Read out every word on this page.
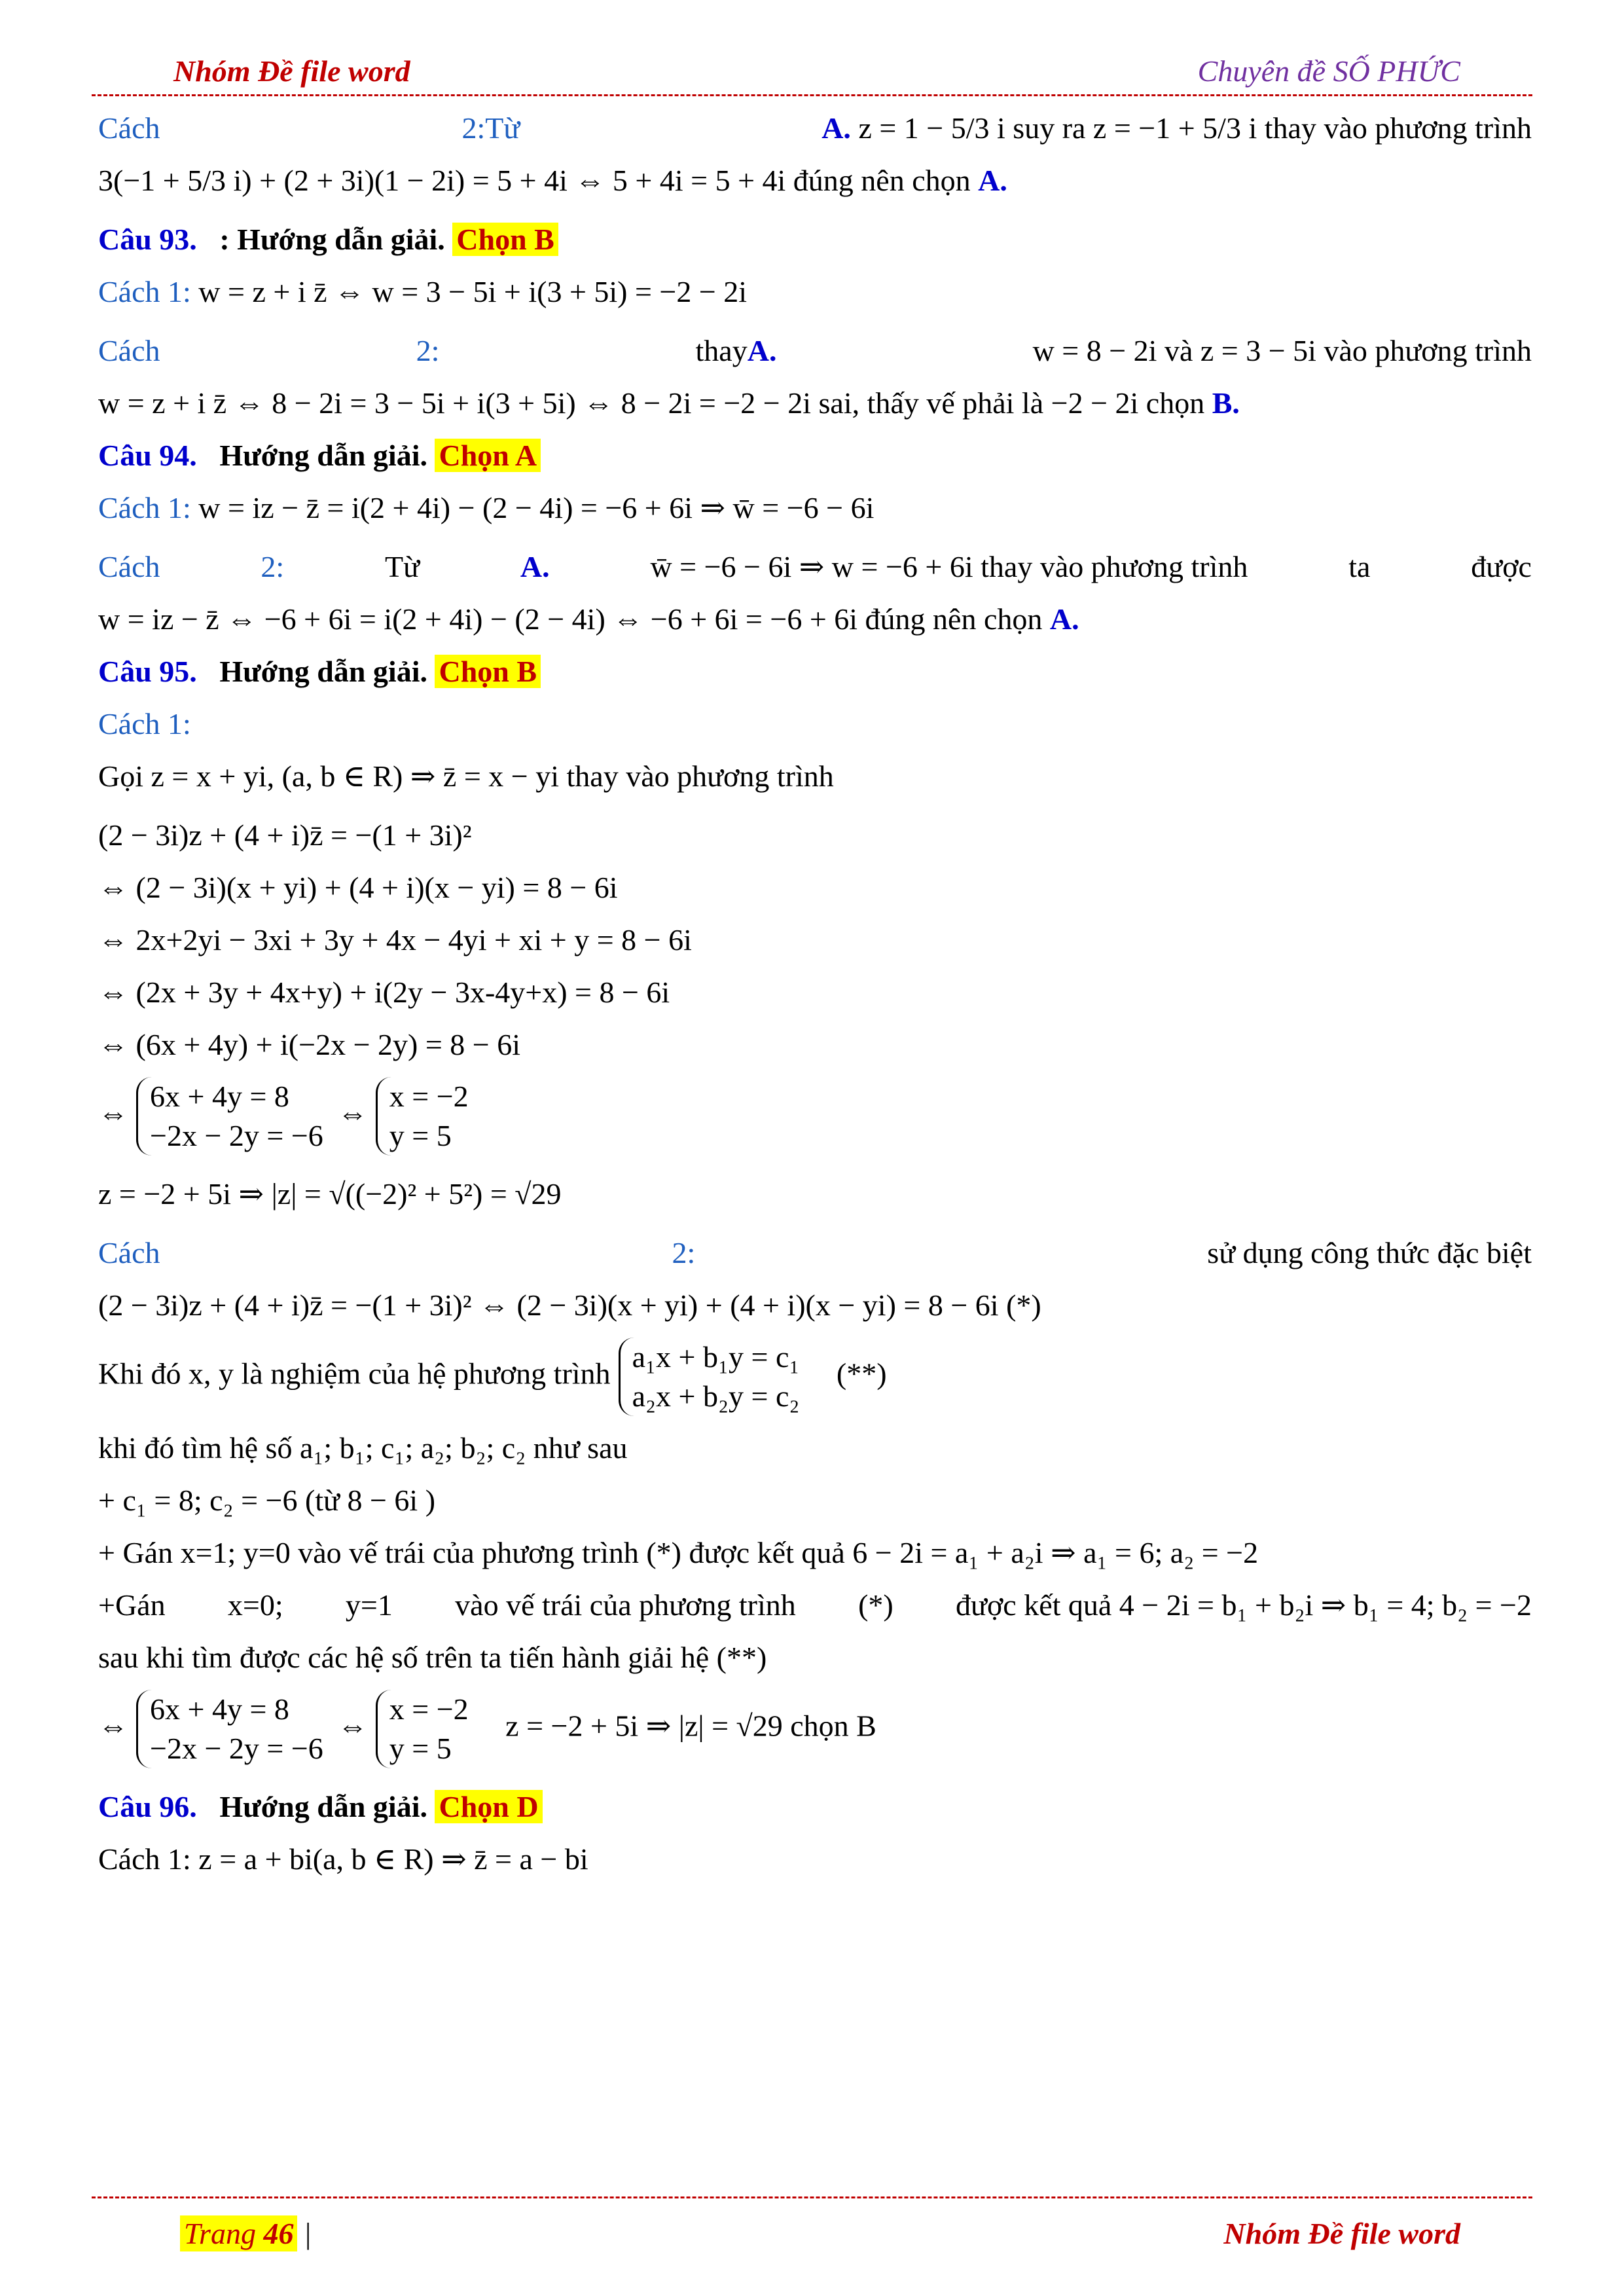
Nhóm Đề file word	Chuyên đề SỐ PHỨC
Cách	2:Từ	A. z = 1 − 5/3 i suy ra z = −1 + 5/3 i thay vào phương trình
3(−1 + 5/3 i) + (2 + 3i)(1 − 2i) = 5 + 4i ⇔ 5 + 4i = 5 + 4i đúng nên chọn A.
Câu 93. : Hướng dẫn giải. Chọn B
Cách 1: w = z + i z̄ ⇔ w = 3 − 5i + i(3 + 5i) = −2 − 2i
Cách	2:	thayA.	w = 8 − 2i và z = 3 − 5i vào phương trình
w = z + i z̄ ⇔ 8 − 2i = 3 − 5i + i(3 + 5i) ⇔ 8 − 2i = −2 − 2i sai, thấy vế phải là −2 − 2i chọn B.
Câu 94. Hướng dẫn giải. Chọn A
Cách 1: w = iz − z̄ = i(2 + 4i) − (2 − 4i) = −6 + 6i ⇒ w̄ = −6 − 6i
Cách	2:	Từ	A.	w̄ = −6 − 6i ⇒ w = −6 + 6i thay vào phương trình	ta	được
w = iz − z̄ ⇔ −6 + 6i = i(2 + 4i) − (2 − 4i) ⇔ −6 + 6i = −6 + 6i đúng nên chọn A.
Câu 95. Hướng dẫn giải. Chọn B
Cách 1:
Gọi z = x + yi, (a, b ∈ R) ⇒ z̄ = x − yi thay vào phương trình
(2 − 3i)z + (4 + i)z̄ = −(1 + 3i)²
⇔ (2 − 3i)(x + yi) + (4 + i)(x − yi) = 8 − 6i
⇔ 2x+2yi − 3xi + 3y + 4x − 4yi + xi + y = 8 − 6i
⇔ (2x + 3y + 4x+y) + i(2y − 3x-4y+x) = 8 − 6i
⇔ (6x + 4y) + i(−2x − 2y) = 8 − 6i
⇔6x + 4y = 8
−2x − 2y = −6⇔x = −2
y = 5
z = −2 + 5i ⇒ |z| = √((−2)² + 5²) = √29
Cách	2:	sử dụng công thức đặc biệt
(2 − 3i)z + (4 + i)z̄ = −(1 + 3i)² ⇔ (2 − 3i)(x + yi) + (4 + i)(x − yi) = 8 − 6i (*)
Khi đó x, y là nghiệm của hệ phương trìnha₁x + b₁y = c₁
a₂x + b₂y = c₂   (**)
khi đó tìm hệ số a₁; b₁; c₁; a₂; b₂; c₂ như sau
+ c₁ = 8; c₂ = −6 (từ 8 − 6i )
+ Gán x=1; y=0 vào vế trái của phương trình (*) được kết quả 6 − 2i = a₁ + a₂i ⇒ a₁ = 6; a₂ = −2
+Gán x=0; y=1 vào vế trái của phương trình (*) được kết quả 4 − 2i = b₁ + b₂i ⇒ b₁ = 4; b₂ = −2
sau khi tìm được các hệ số trên ta tiến hành giải hệ (**)
⇔6x + 4y = 8
−2x − 2y = −6⇔x = −2
y = 5   z = −2 + 5i ⇒ |z| = √29 chọn B
Câu 96. Hướng dẫn giải. Chọn D
Cách 1: z = a + bi(a, b ∈ R) ⇒ z̄ = a − bi
Trang 46 |	Nhóm Đề file word
